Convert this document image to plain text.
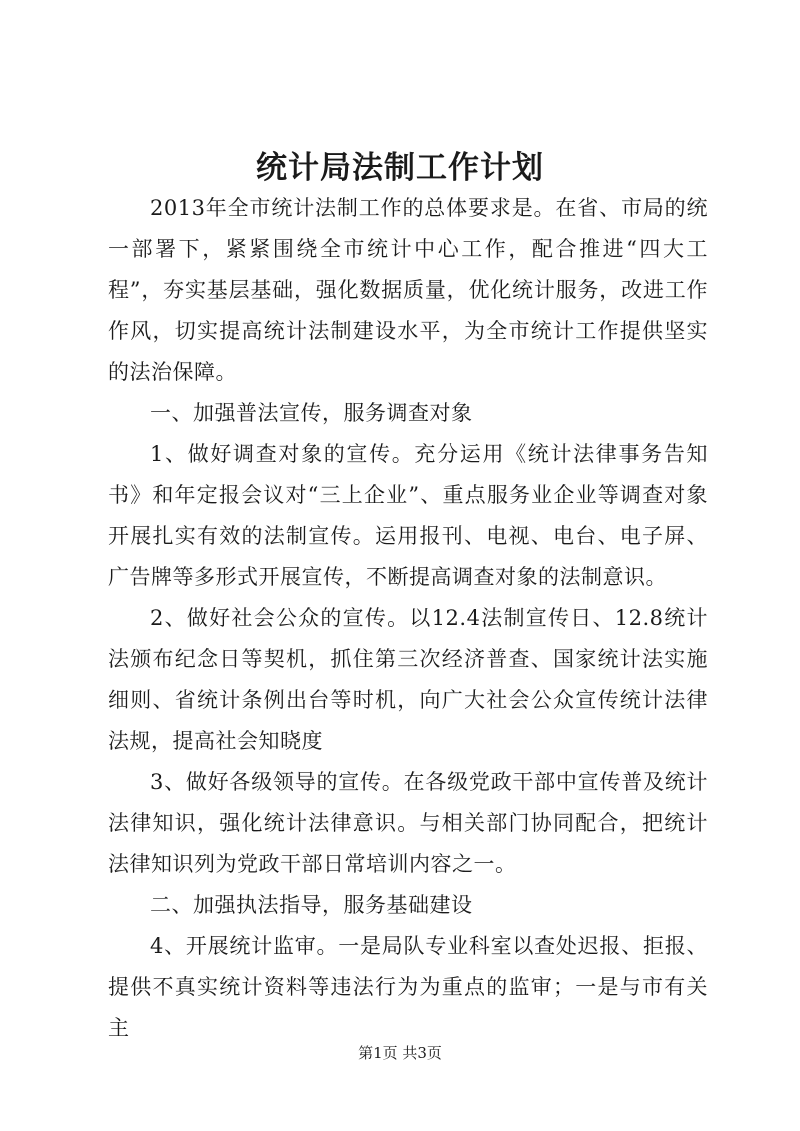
统计局法制工作计划

2013年全市统计法制工作的总体要求是。在省、市局的统一部署下，紧紧围绕全市统计中心工作，配合推进“四大工程”，夯实基层基础，强化数据质量，优化统计服务，改进工作作风，切实提高统计法制建设水平，为全市统计工作提供坚实的法治保障。

一、加强普法宣传，服务调查对象

1、做好调查对象的宣传。充分运用《统计法律事务告知书》和年定报会议对“三上企业”、重点服务业企业等调查对象开展扎实有效的法制宣传。运用报刊、电视、电台、电子屏、广告牌等多形式开展宣传，不断提高调查对象的法制意识。

2、做好社会公众的宣传。以12.4法制宣传日、12.8统计法颁布纪念日等契机，抓住第三次经济普查、国家统计法实施细则、省统计条例出台等时机，向广大社会公众宣传统计法律法规，提高社会知晓度

3、做好各级领导的宣传。在各级党政干部中宣传普及统计法律知识，强化统计法律意识。与相关部门协同配合，把统计法律知识列为党政干部日常培训内容之一。

二、加强执法指导，服务基础建设

4、开展统计监审。一是局队专业科室以查处迟报、拒报、提供不真实统计资料等违法行为为重点的监审；一是与市有关主

第1页 共3页
